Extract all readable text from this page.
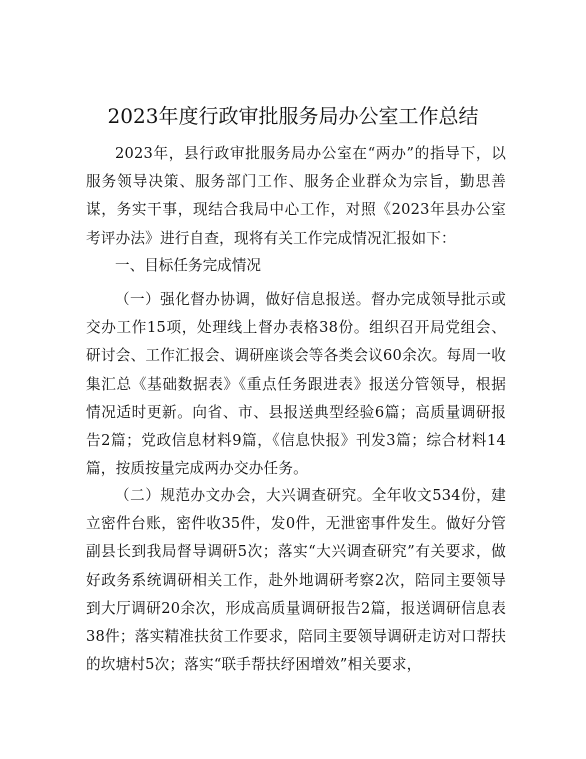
2023年度行政审批服务局办公室工作总结
2023年，县行政审批服务局办公室在“两办”的指导下，以服务领导决策、服务部门工作、服务企业群众为宗旨，勤思善谋，务实干事，现结合我局中心工作，对照《2023年县办公室考评办法》进行自查，现将有关工作完成情况汇报如下：
一、目标任务完成情况
（一）强化督办协调，做好信息报送。督办完成领导批示或交办工作15项，处理线上督办表格38份。组织召开局党组会、研讨会、工作汇报会、调研座谈会等各类会议60余次。每周一收集汇总《基础数据表》《重点任务跟进表》报送分管领导，根据情况适时更新。向省、市、县报送典型经验6篇；高质量调研报告2篇；党政信息材料9篇，《信息快报》刊发3篇；综合材料14篇，按质按量完成两办交办任务。
（二）规范办文办会，大兴调查研究。全年收文534份，建立密件台账，密件收35件，发0件，无泄密事件发生。做好分管副县长到我局督导调研5次；落实“大兴调查研究”有关要求，做好政务系统调研相关工作，赴外地调研考察2次，陪同主要领导到大厅调研20余次，形成高质量调研报告2篇，报送调研信息表38件；落实精准扶贫工作要求，陪同主要领导调研走访对口帮扶的坎塘村5次；落实“联手帮扶纾困增效”相关要求，
